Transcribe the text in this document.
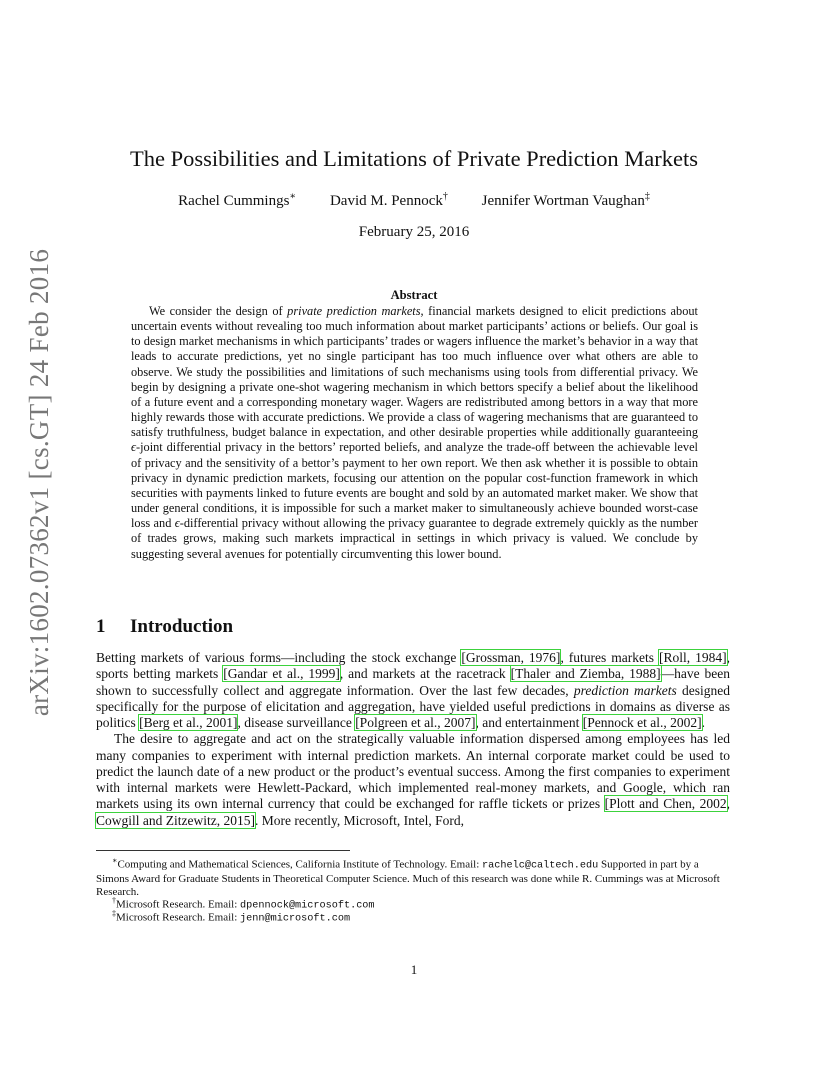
arXiv:1602.07362v1 [cs.GT] 24 Feb 2016
The Possibilities and Limitations of Private Prediction Markets
Rachel Cummings∗ David M. Pennock† Jennifer Wortman Vaughan‡
February 25, 2016
Abstract
We consider the design of private prediction markets, financial markets designed to elicit predictions about uncertain events without revealing too much information about market participants’ actions or beliefs. Our goal is to design market mechanisms in which participants’ trades or wagers influence the market’s behavior in a way that leads to accurate predictions, yet no single participant has too much influence over what others are able to observe. We study the possibilities and limitations of such mechanisms using tools from differential privacy. We begin by designing a private one-shot wagering mechanism in which bettors specify a belief about the likelihood of a future event and a corresponding monetary wager. Wagers are redistributed among bettors in a way that more highly rewards those with accurate predictions. We provide a class of wagering mechanisms that are guaranteed to satisfy truthfulness, budget balance in expectation, and other desirable properties while additionally guaranteeing ϵ-joint differential privacy in the bettors’ reported beliefs, and analyze the trade-off between the achievable level of privacy and the sensitivity of a bettor’s payment to her own report. We then ask whether it is possible to obtain privacy in dynamic prediction markets, focusing our attention on the popular cost-function framework in which securities with payments linked to future events are bought and sold by an automated market maker. We show that under general conditions, it is impossible for such a market maker to simultaneously achieve bounded worst-case loss and ϵ-differential privacy without allowing the privacy guarantee to degrade extremely quickly as the number of trades grows, making such markets impractical in settings in which privacy is valued. We conclude by suggesting several avenues for potentially circumventing this lower bound.
1 Introduction

Betting markets of various forms—including the stock exchange [Grossman, 1976], futures markets [Roll, 1984], sports betting markets [Gandar et al., 1999], and markets at the racetrack [Thaler and Ziemba, 1988]—have been shown to successfully collect and aggregate information. Over the last few decades, prediction markets designed specifically for the purpose of elicitation and aggregation, have yielded useful predictions in domains as diverse as politics [Berg et al., 2001], disease surveillance [Polgreen et al., 2007], and entertainment [Pennock et al., 2002].

The desire to aggregate and act on the strategically valuable information dispersed among employees has led many companies to experiment with internal prediction markets. An internal corporate market could be used to predict the launch date of a new product or the product’s eventual success. Among the first companies to experiment with internal markets were Hewlett-Packard, which implemented real-money markets, and Google, which ran markets using its own internal currency that could be exchanged for raffle tickets or prizes [Plott and Chen, 2002, Cowgill and Zitzewitz, 2015]. More recently, Microsoft, Intel, Ford,

∗Computing and Mathematical Sciences, California Institute of Technology. Email: rachelc@caltech.edu Supported in part by a Simons Award for Graduate Students in Theoretical Computer Science. Much of this research was done while R. Cummings was at Microsoft Research.

†Microsoft Research. Email: dpennock@microsoft.com

‡Microsoft Research. Email: jenn@microsoft.com

1
